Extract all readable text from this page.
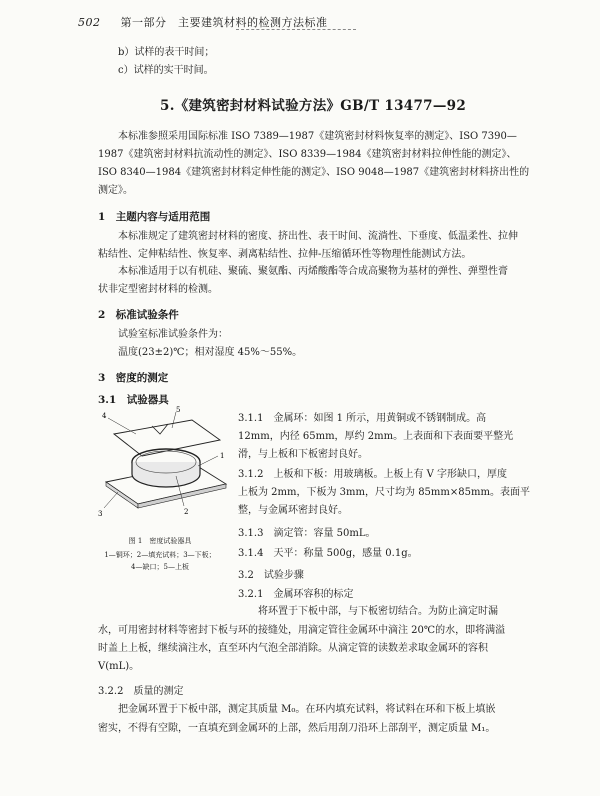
502 第一部分　主要建筑材料的检测方法标准
b）试样的表干时间；
c）试样的实干时间。
5.《建筑密封材料试验方法》GB/T 13477—92
本标准参照采用国际标准 ISO 7389—1987《建筑密封材料恢复率的测定》、ISO 7390—
1987《建筑密封材料抗流动性的测定》、ISO 8339—1984《建筑密封材料拉伸性能的测定》、
ISO 8340—1984《建筑密封材料定伸性能的测定》、ISO 9048—1987《建筑密封材料挤出性的
测定》。
1　主题内容与适用范围
本标准规定了建筑密封材料的密度、挤出性、表干时间、流淌性、下垂度、低温柔性、拉伸
粘结性、定伸粘结性、恢复率、剥离粘结性、拉伸-压缩循环性等物理性能测试方法。
本标准适用于以有机硅、聚硫、聚氨酯、丙烯酸酯等合成高聚物为基材的弹性、弹塑性膏
状非定型密封材料的检测。
2　标准试验条件
试验室标准试验条件为：
温度(23±2)℃；相对湿度 45%～55%。
3　密度的测定
3.1　试验器具
4
5
1
2
3
图 1　密度试验器具
1—铜环；2—填充试料；3—下板；
4—缺口；5—上板
3.1.1　金属环：如图 1 所示，用黄铜或不锈钢制成。高
12mm，内径 65mm，厚约 2mm。上表面和下表面要平整光
滑，与上板和下板密封良好。
3.1.2　上板和下板：用玻璃板。上板上有 V 字形缺口，厚度
上板为 2mm，下板为 3mm，尺寸均为 85mm×85mm。表面平
整，与金属环密封良好。
3.1.3　滴定管：容量 50mL。
3.1.4　天平：称量 500g，感量 0.1g。
3.2　试验步骤
3.2.1　金属环容积的标定
将环置于下板中部，与下板密切结合。为防止滴定时漏
水，可用密封材料等密封下板与环的接缝处，用滴定管往金属环中滴注 20℃的水，即将满溢
时盖上上板，继续滴注水，直至环内气泡全部消除。从滴定管的读数差求取金属环的容积
V(mL)。
3.2.2　质量的测定
把金属环置于下板中部，测定其质量 M₀。在环内填充试料，将试料在环和下板上填嵌
密实，不得有空隙，一直填充到金属环的上部，然后用刮刀沿环上部刮平，测定质量 M₁。
